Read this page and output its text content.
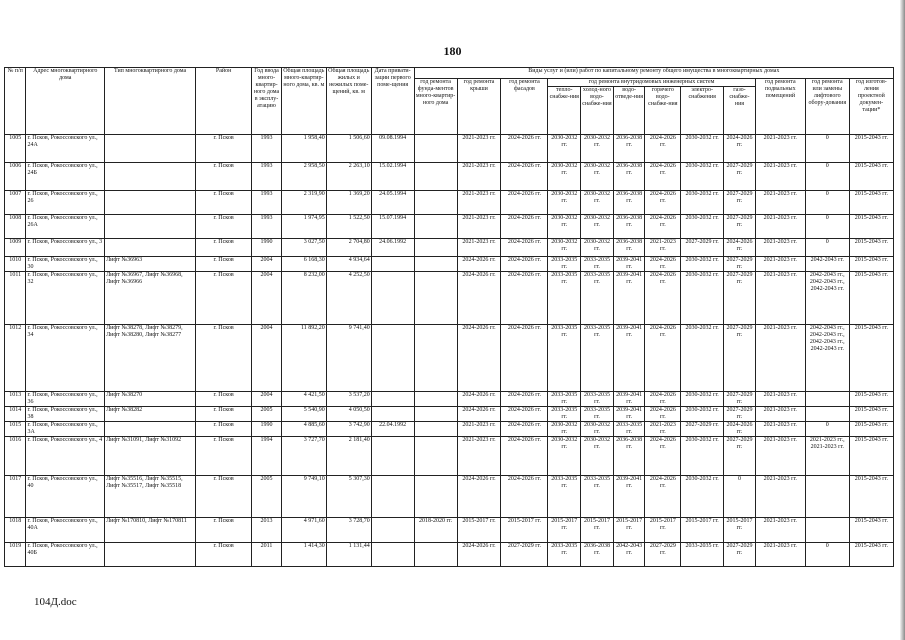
180
№ п/п	Адрес многоквартирного дома	Тип многоквартирного дома	Район	Год ввода много-квартир-ного дома в эксплу-атацию	Общая площадь много-квартир-ного дома, кв. м	Общая площадь жилых и нежилых поме-щений, кв. м	Дата привати-зации первого поме-щения	Виды услуг и (или) работ по капитальному ремонту общего имущества в многоквартирных домах											
								год ремонта фунда-ментов много-квартир-ного дома	год ремонта крыши	год ремонта фасадов	год ремонта внутридомовых инженерных систем						год ремонта подвальных помещений	год ремонта или замены лифтового обору-дования	год изготов-ления проектной докумен-тации*
											тепло-снабже-ния	холод-ного водо-снабже-ния	водо-отведе-ния	горячего водо-снабже-ния	электро-снабжения	газо-снабже-ния			
1005	г. Псков, Рокоссовского ул., 24А		г. Псков	1993	1 958,40	1 506,60	09.08.1994		2021-2023 гг.	2024-2026 гг.	2030-2032 гг.	2030-2032 гг.	2036-2038 гг.	2024-2026 гг.	2030-2032 гг.	2024-2026 гг.	2021-2023 гг.	0	2015-2043 гг.
1006	г. Псков, Рокоссовского ул., 24Б		г. Псков	1993	2 958,50	2 263,10	15.02.1994		2021-2023 гг.	2024-2026 гг.	2030-2032 гг.	2030-2032 гг.	2036-2038 гг.	2024-2026 гг.	2030-2032 гг.	2027-2029 гг.	2021-2023 гг.	0	2015-2043 гг.
1007	г. Псков, Рокоссовского ул., 26		г. Псков	1993	2 319,90	1 369,20	24.05.1994		2021-2023 гг.	2024-2026 гг.	2030-2032 гг.	2030-2032 гг.	2036-2038 гг.	2024-2026 гг.	2030-2032 гг.	2027-2029 гг.	2021-2023 гг.	0	2015-2043 гг.
1008	г. Псков, Рокоссовского ул., 26А		г. Псков	1993	1 974,95	1 522,50	15.07.1994		2021-2023 гг.	2024-2026 гг.	2030-2032 гг.	2030-2032 гг.	2036-2038 гг.	2024-2026 гг.	2030-2032 гг.	2027-2029 гг.	2021-2023 гг.	0	2015-2043 гг.
1009	г. Псков, Рокоссовского ул., 3		г. Псков	1990	3 027,50	2 704,80	24.06.1992		2021-2023 гг.	2024-2026 гг.	2030-2032 гг.	2030-2032 гг.	2036-2038 гг.	2021-2023 гг.	2027-2029 гг.	2024-2026 гг.	2021-2023 гг.	0	2015-2043 гг.
1010	г. Псков, Рокоссовского ул., 30	Лифт №36963	г. Псков	2004	6 168,30	4 934,64			2024-2026 гг.	2024-2026 гг.	2033-2035 гг.	2033-2035 гг.	2039-2041 гг.	2024-2026 гг.	2030-2032 гг.	2027-2029 гг.	2021-2023 гг.	2042-2043 гг.	2015-2043 гг.
1011	г. Псков, Рокоссовского ул., 32	Лифт №36967, Лифт №36968, Лифт №36966	г. Псков	2004	8 232,00	4 252,50			2024-2026 гг.	2024-2026 гг.	2033-2035 гг.	2033-2035 гг.	2039-2041 гг.	2024-2026 гг.	2030-2032 гг.	2027-2029 гг.	2021-2023 гг.	2042-2043 гг., 2042-2043 гг., 2042-2043 гг.	2015-2043 гг.
1012	г. Псков, Рокоссовского ул., 34	Лифт №38278, Лифт №38279, Лифт №38280, Лифт №38277	г. Псков	2004	11 892,20	9 741,40			2024-2026 гг.	2024-2026 гг.	2033-2035 гг.	2033-2035 гг.	2039-2041 гг.	2024-2026 гг.	2030-2032 гг.	2027-2029 гг.	2021-2023 гг.	2042-2043 гг., 2042-2043 гг., 2042-2043 гг., 2042-2043 гг.	2015-2043 гг.
1013	г. Псков, Рокоссовского ул., 36	Лифт №38270	г. Псков	2004	4 421,50	3 537,20			2024-2026 гг.	2024-2026 гг.	2033-2035 гг.	2033-2035 гг.	2039-2041 гг.	2024-2026 гг.	2030-2032 гг.	2027-2029 гг.	2021-2023 гг.		2015-2043 гг.
1014	г. Псков, Рокоссовского ул., 38	Лифт №38282	г. Псков	2005	5 540,90	4 050,50			2024-2026 гг.	2024-2026 гг.	2033-2035 гг.	2033-2035 гг.	2039-2041 гг.	2024-2026 гг.	2030-2032 гг.	2027-2029 гг.	2021-2023 гг.		2015-2043 гг.
1015	г. Псков, Рокоссовского ул., 3А		г. Псков	1990	4 885,60	3 742,90	22.04.1992		2021-2023 гг.	2024-2026 гг.	2030-2032 гг.	2030-2032 гг.	2033-2035 гг.	2021-2023 гг.	2027-2029 гг.	2024-2026 гг.	2021-2023 гг.	0	2015-2043 гг.
1016	г. Псков, Рокоссовского ул., 4	Лифт №31091, Лифт №31092	г. Псков	1994	3 727,70	2 181,40			2021-2023 гг.	2024-2026 гг.	2030-2032 гг.	2030-2032 гг.	2036-2038 гг.	2024-2026 гг.	2030-2032 гг.	2027-2029 гг.	2021-2023 гг.	2021-2023 гг., 2021-2023 гг.	2015-2043 гг.
1017	г. Псков, Рокоссовского ул., 40	Лифт №35516, Лифт №35515, Лифт №35517, Лифт №35518	г. Псков	2005	9 749,10	5 307,30			2024-2026 гг.	2024-2026 гг.	2033-2035 гг.	2033-2035 гг.	2039-2041 гг.	2024-2026 гг.	2030-2032 гг.	0	2021-2023 гг.		2015-2043 гг.
1018	г. Псков, Рокоссовского ул., 40А	Лифт №170810, Лифт №170811	г. Псков	2013	4 971,60	3 728,70		2018-2020 гг.	2015-2017 гг.	2015-2017 гг.	2015-2017 гг.	2015-2017 гг.	2015-2017 гг.	2015-2017 гг.	2015-2017 гг.	2015-2017 гг.	2021-2023 гг.		2015-2043 гг.
1019	г. Псков, Рокоссовского ул., 40Б		г. Псков	2011	1 414,30	1 131,44			2024-2026 гг.	2027-2029 гг.	2033-2035 гг.	2036-2038 гг.	2042-2043 гг.	2027-2029 гг.	2033-2035 гг.	2027-2029 гг.	2021-2023 гг.	0	2015-2043 гг.
104Д.doc
